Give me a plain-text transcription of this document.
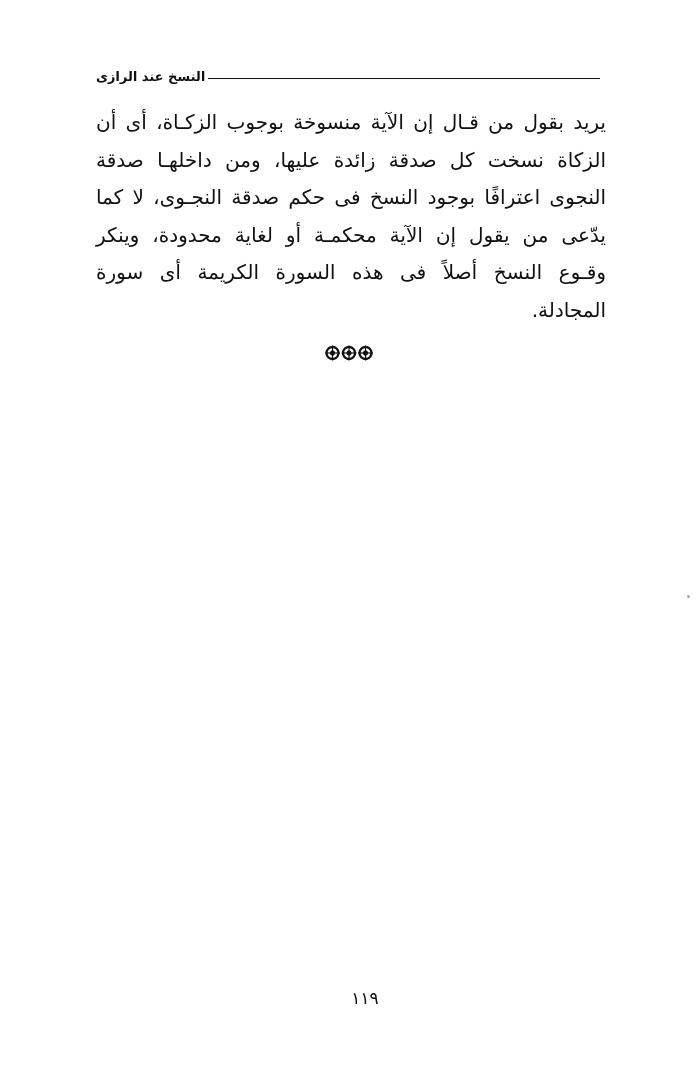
النسخ عند الرازى

يريد بقول من قـال إن الآية منسوخة بوجوب الزكـاة، أى أن الزكاة نسخت كل صدقة زائدة عليها، ومن داخلهـا صدقة النجوى اعترافًا بوجود النسخ فى حكم صدقة النجـوى، لا كما يدّعى من يقول إن الآية محكمـة أو لغاية محدودة، وينكر وقـوع النسخ أصلاً فى هذه السورة الكريمة أى سورة المجادلة.

١١٩
